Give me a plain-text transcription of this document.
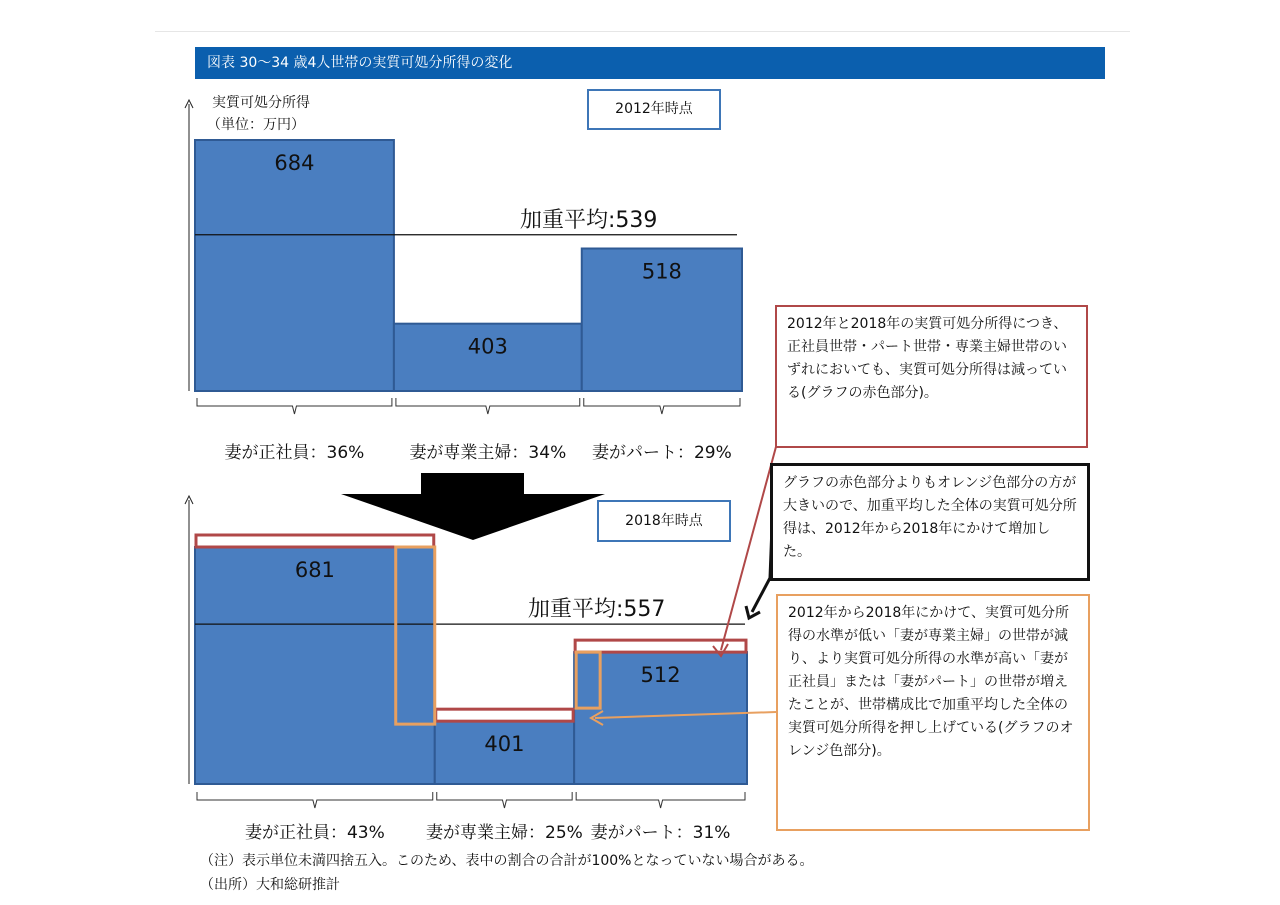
図表 30～34 歳4人世帯の実質可処分所得の変化
実質可処分所得
（単位：万円）
684
妻が正社員：36%
403
妻が専業主婦：34%
518
妻がパート：29%
加重平均:539
681
妻が正社員：43%
401
妻が専業主婦：25%
512
妻がパート：31%
加重平均:557
2012年時点
2018年時点
2012年と2018年の実質可処分所得につき、正社員世帯・パート世帯・専業主婦世帯のいずれにおいても、実質可処分所得は減っている(グラフの赤色部分)。
グラフの赤色部分よりもオレンジ色部分の方が大きいので、加重平均した全体の実質可処分所得は、2012年から2018年にかけて増加した。
2012年から2018年にかけて、実質可処分所得の水準が低い「妻が専業主婦」の世帯が減り、より実質可処分所得の水準が高い「妻が正社員」または「妻がパート」の世帯が増えたことが、世帯構成比で加重平均した全体の実質可処分所得を押し上げている(グラフのオレンジ色部分)。
（注）表示単位未満四捨五入。このため、表中の割合の合計が100%となっていない場合がある。
（出所）大和総研推計
